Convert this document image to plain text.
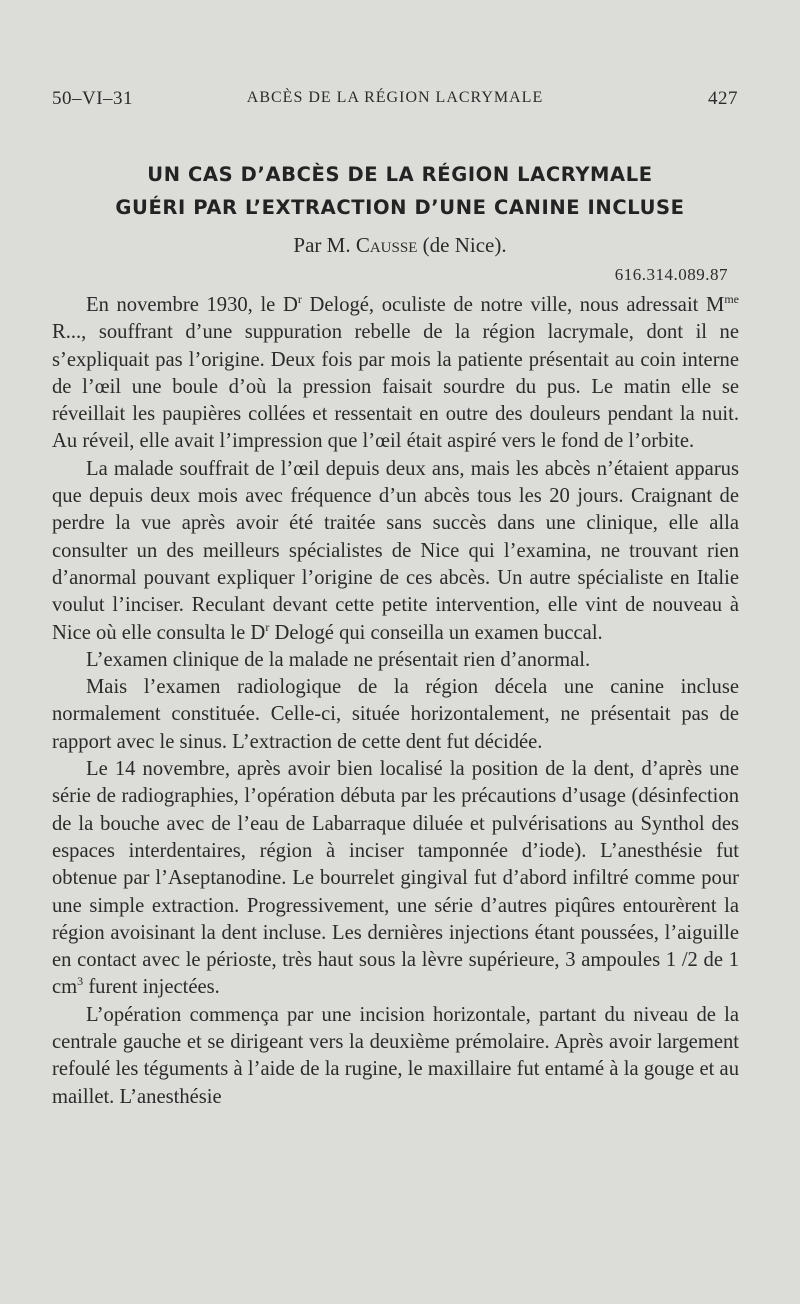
50–VI–31	ABCÈS DE LA RÉGION LACRYMALE	427
UN CAS D’ABCÈS DE LA RÉGION LACRYMALE
GUÉRI PAR L’EXTRACTION D’UNE CANINE INCLUSE
Par M. Causse (de Nice).
616.314.089.87

En novembre 1930, le $D^r$ Delogé, oculiste de notre ville, nous adressait $M^{me}$ R..., souffrant d’une suppuration rebelle de la région lacrymale, dont il ne s’expliquait pas l’origine. Deux fois par mois la patiente présentait au coin interne de l’œil une boule d’où la pression faisait sourdre du pus. Le matin elle se réveillait les paupières collées et ressentait en outre des douleurs pendant la nuit. Au réveil, elle avait l’impression que l’œil était aspiré vers le fond de l’orbite.

La malade souffrait de l’œil depuis deux ans, mais les abcès n’étaient apparus que depuis deux mois avec fréquence d’un abcès tous les 20 jours. Craignant de perdre la vue après avoir été traitée sans succès dans une clinique, elle alla consulter un des meilleurs spécialistes de Nice qui l’examina, ne trouvant rien d’anormal pouvant expliquer l’origine de ces abcès. Un autre spécialiste en Italie voulut l’inciser. Reculant devant cette petite intervention, elle vint de nouveau à Nice où elle consulta le $D^r$ Delogé qui conseilla un examen buccal.

L’examen clinique de la malade ne présentait rien d’anormal.

Mais l’examen radiologique de la région décela une canine incluse normalement constituée. Celle-ci, située horizontalement, ne présentait pas de rapport avec le sinus. L’extraction de cette dent fut décidée.

Le 14 novembre, après avoir bien localisé la position de la dent, d’après une série de radiographies, l’opération débuta par les précautions d’usage (désinfection de la bouche avec de l’eau de Labarraque diluée et pulvérisations au Synthol des espaces interdentaires, région à inciser tamponnée d’iode). L’anesthésie fut obtenue par l’Aseptanodine. Le bourrelet gingival fut d’abord infiltré comme pour une simple extraction. Progressivement, une série d’autres piqûres entourèrent la région avoisinant la dent incluse. Les dernières injections étant poussées, l’aiguille en contact avec le périoste, très haut sous la lèvre supérieure, 3 ampoules 1 /2 de 1 $cm^3$ furent injectées.

L’opération commença par une incision horizontale, partant du niveau de la centrale gauche et se dirigeant vers la deuxième prémolaire. Après avoir largement refoulé les téguments à l’aide de la rugine, le maxillaire fut entamé à la gouge et au maillet. L’anesthésie
